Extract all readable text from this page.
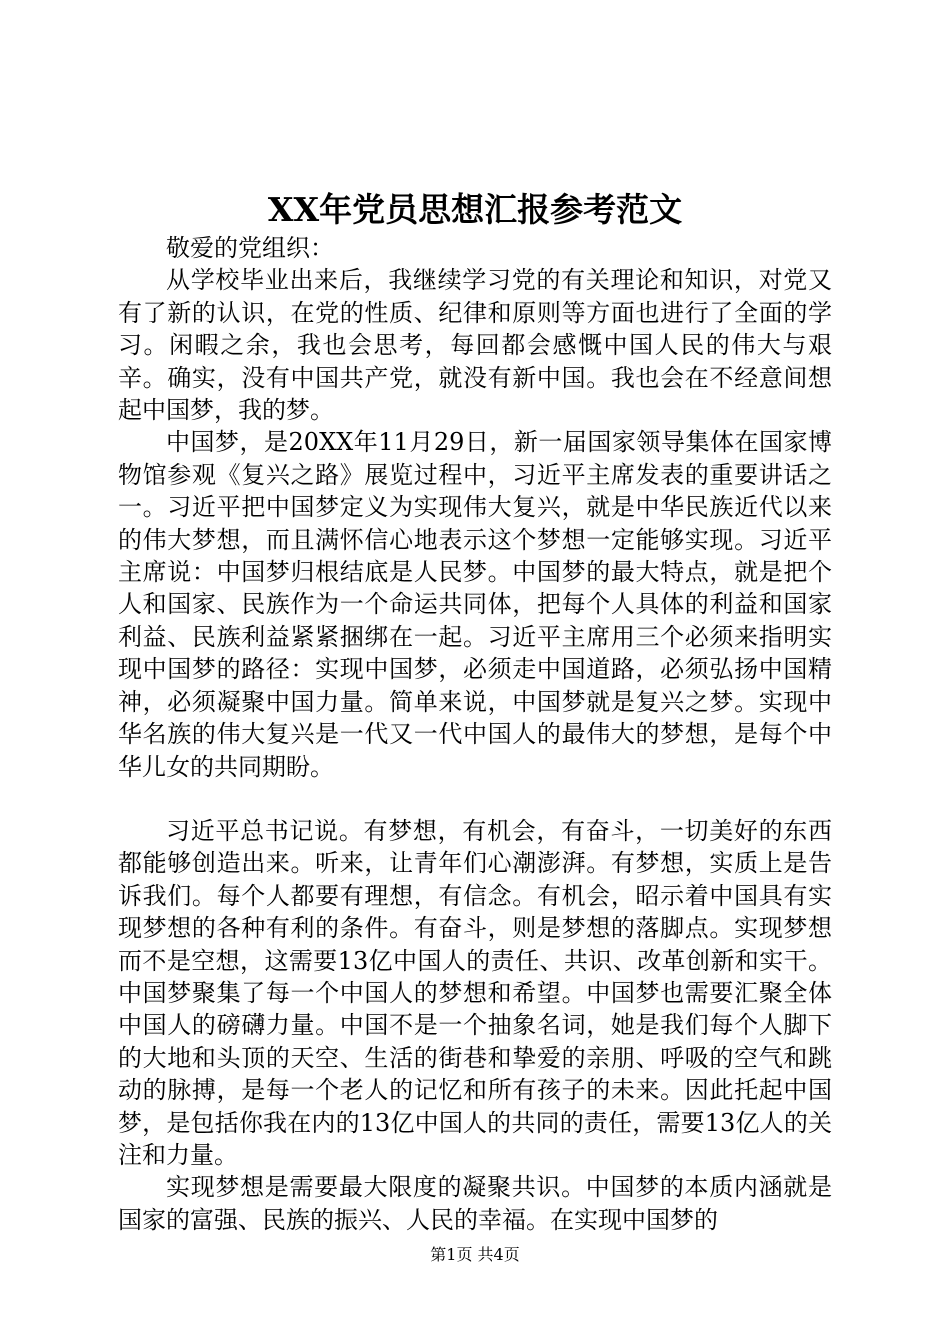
XX年党员思想汇报参考范文

敬爱的党组织：

从学校毕业出来后，我继续学习党的有关理论和知识，对党又有了新的认识，在党的性质、纪律和原则等方面也进行了全面的学习。闲暇之余，我也会思考，每回都会感慨中国人民的伟大与艰辛。确实，没有中国共产党，就没有新中国。我也会在不经意间想起中国梦，我的梦。

中国梦，是20XX年11月29日，新一届国家领导集体在国家博物馆参观《复兴之路》展览过程中，习近平主席发表的重要讲话之一。习近平把中国梦定义为实现伟大复兴，就是中华民族近代以来的伟大梦想，而且满怀信心地表示这个梦想一定能够实现。习近平主席说：中国梦归根结底是人民梦。中国梦的最大特点，就是把个人和国家、民族作为一个命运共同体，把每个人具体的利益和国家利益、民族利益紧紧捆绑在一起。习近平主席用三个必须来指明实现中国梦的路径：实现中国梦，必须走中国道路，必须弘扬中国精神，必须凝聚中国力量。简单来说，中国梦就是复兴之梦。实现中华名族的伟大复兴是一代又一代中国人的最伟大的梦想，是每个中华儿女的共同期盼。

习近平总书记说。有梦想，有机会，有奋斗，一切美好的东西都能够创造出来。听来，让青年们心潮澎湃。有梦想，实质上是告诉我们。每个人都要有理想，有信念。有机会，昭示着中国具有实现梦想的各种有利的条件。有奋斗，则是梦想的落脚点。实现梦想而不是空想，这需要13亿中国人的责任、共识、改革创新和实干。中国梦聚集了每一个中国人的梦想和希望。中国梦也需要汇聚全体中国人的磅礴力量。中国不是一个抽象名词，她是我们每个人脚下的大地和头顶的天空、生活的街巷和挚爱的亲朋、呼吸的空气和跳动的脉搏，是每一个老人的记忆和所有孩子的未来。因此托起中国梦，是包括你我在内的13亿中国人的共同的责任，需要13亿人的关注和力量。

实现梦想是需要最大限度的凝聚共识。中国梦的本质内涵就是国家的富强、民族的振兴、人民的幸福。在实现中国梦的

第1页 共4页
